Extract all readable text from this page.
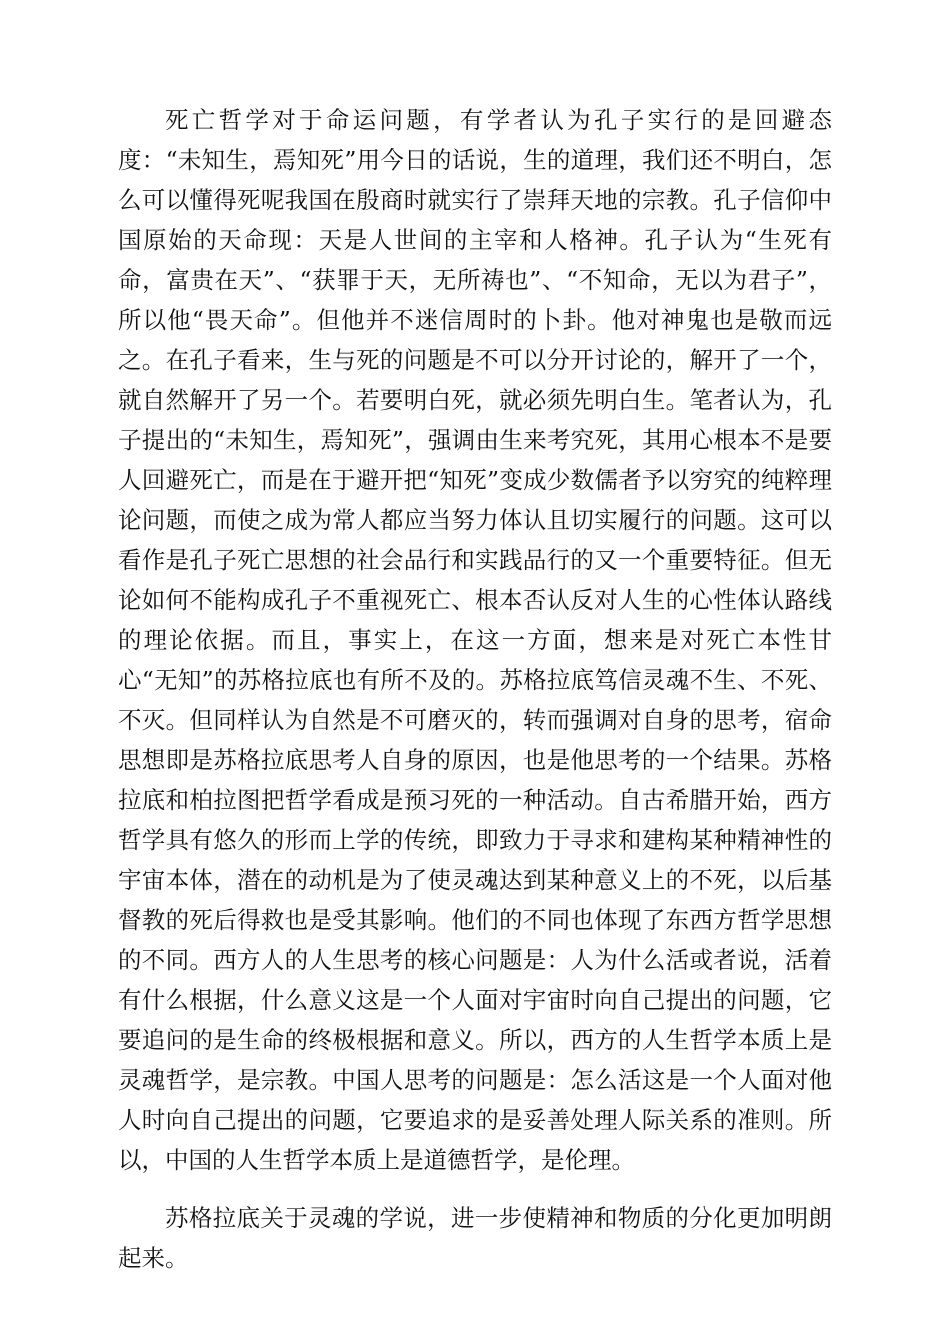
死亡哲学对于命运问题，有学者认为孔子实行的是回避态度：“未知生，焉知死”用今日的话说，生的道理，我们还不明白，怎么可以懂得死呢我国在殷商时就实行了崇拜天地的宗教。孔子信仰中国原始的天命现：天是人世间的主宰和人格神。孔子认为“生死有命，富贵在天”、“获罪于天，无所祷也”、“不知命，无以为君子”，所以他“畏天命”。但他并不迷信周时的卜卦。他对神鬼也是敬而远之。在孔子看来，生与死的问题是不可以分开讨论的，解开了一个，就自然解开了另一个。若要明白死，就必须先明白生。笔者认为，孔子提出的“未知生，焉知死”，强调由生来考究死，其用心根本不是要人回避死亡，而是在于避开把“知死”变成少数儒者予以穷究的纯粹理论问题，而使之成为常人都应当努力体认且切实履行的问题。这可以看作是孔子死亡思想的社会品行和实践品行的又一个重要特征。但无论如何不能构成孔子不重视死亡、根本否认反对人生的心性体认路线的理论依据。而且，事实上，在这一方面，想来是对死亡本性甘心“无知”的苏格拉底也有所不及的。苏格拉底笃信灵魂不生、不死、不灭。但同样认为自然是不可磨灭的，转而强调对自身的思考，宿命思想即是苏格拉底思考人自身的原因，也是他思考的一个结果。苏格拉底和柏拉图把哲学看成是预习死的一种活动。自古希腊开始，西方哲学具有悠久的形而上学的传统，即致力于寻求和建构某种精神性的宇宙本体，潜在的动机是为了使灵魂达到某种意义上的不死，以后基督教的死后得救也是受其影响。他们的不同也体现了东西方哲学思想的不同。西方人的人生思考的核心问题是：人为什么活或者说，活着有什么根据，什么意义这是一个人面对宇宙时向自己提出的问题，它要追问的是生命的终极根据和意义。所以，西方的人生哲学本质上是灵魂哲学，是宗教。中国人思考的问题是：怎么活这是一个人面对他人时向自己提出的问题，它要追求的是妥善处理人际关系的准则。所以，中国的人生哲学本质上是道德哲学，是伦理。

苏格拉底关于灵魂的学说，进一步使精神和物质的分化更加明朗起来。
